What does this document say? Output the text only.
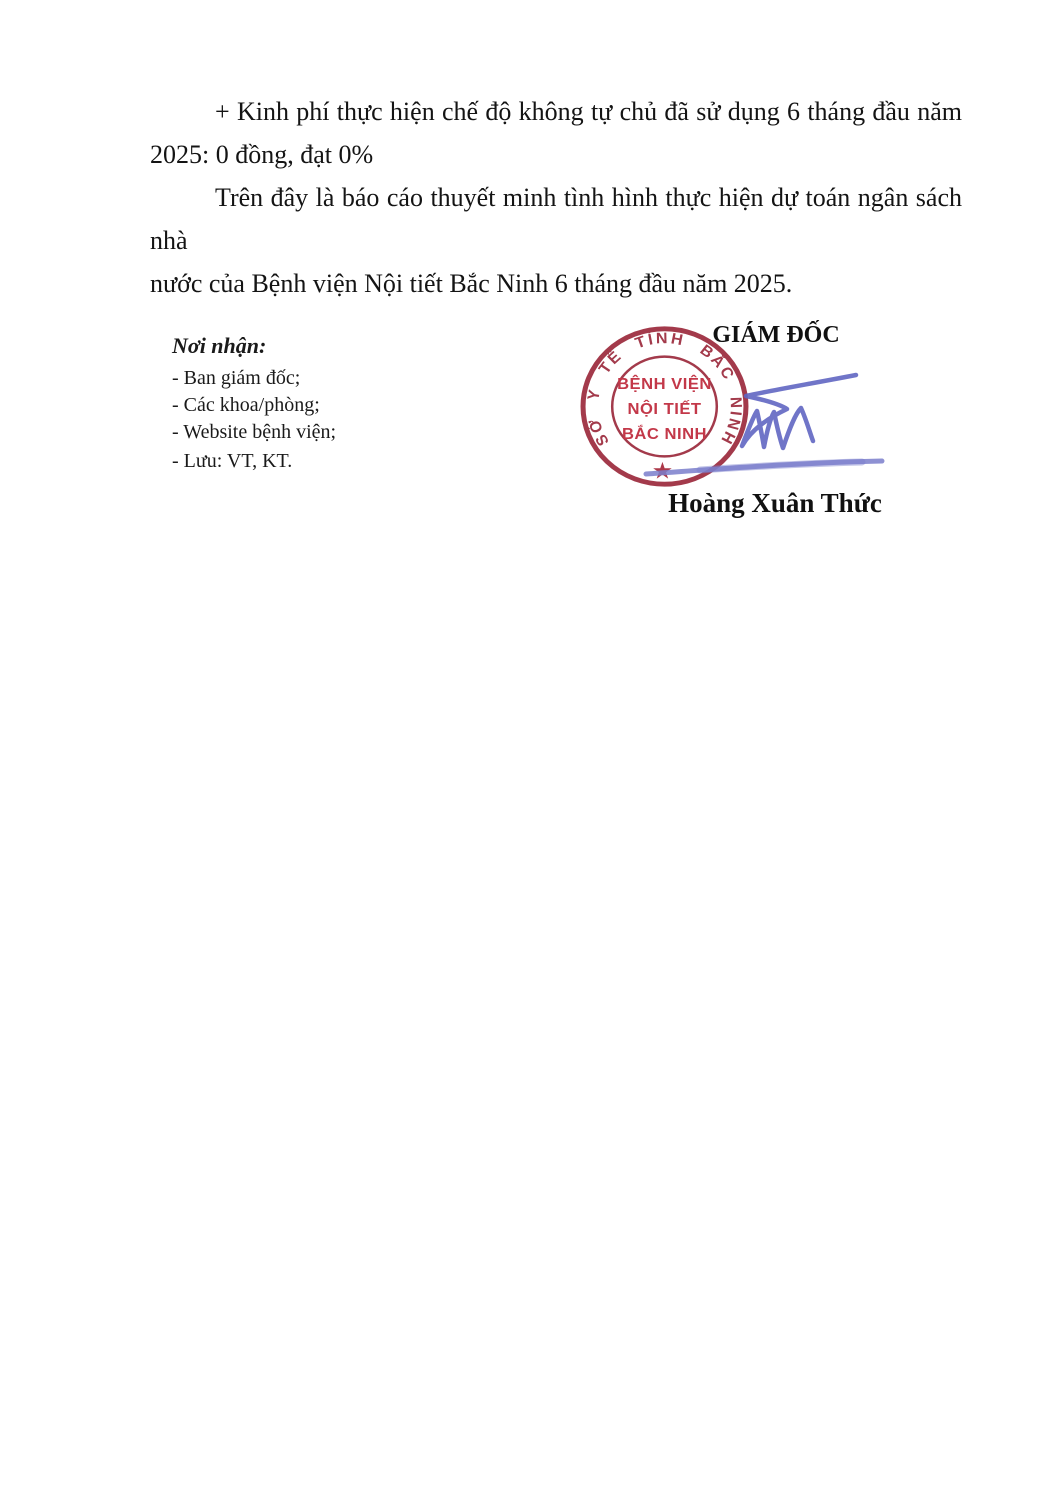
+ Kinh phí thực hiện chế độ không tự chủ đã sử dụng 6 tháng đầu năm
2025: 0 đồng, đạt 0%
Trên đây là báo cáo thuyết minh tình hình thực hiện dự toán ngân sách nhà
nước của Bệnh viện Nội tiết Bắc Ninh 6 tháng đầu năm 2025.
Nơi nhận:
- Ban giám đốc;
- Các khoa/phòng;
- Website bệnh viện;
- Lưu: VT, KT.
GIÁM ĐỐC
SỞ Y TẾ TỈNH BẮC NINH
BỆNH VIỆN
NỘI TIẾT
BẮC NINH
★
Hoàng Xuân Thức
